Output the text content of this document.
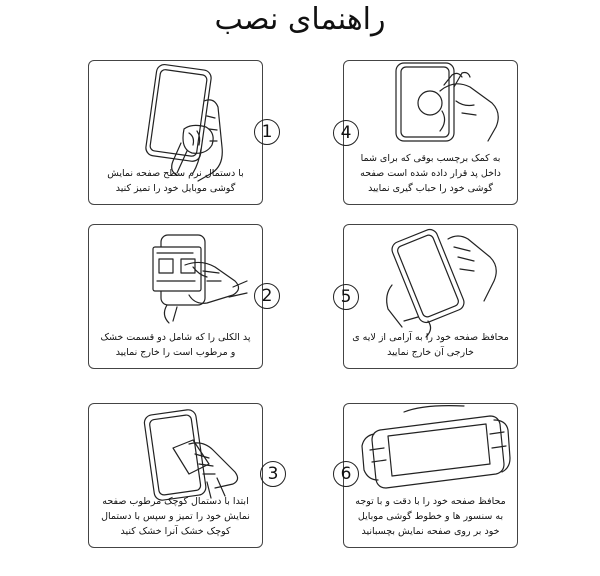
راهنمای نصب
با دستمال نرم سطح صفحه نمایش
گوشی موبایل خود را تمیز کنید
1
پد الکلی را که شامل دو قسمت خشک
و مرطوب است را خارج نمایید
2
ابتدا با دستمال کوچک مرطوب صفحه
نمایش خود را تمیز و سپس با دستمال
کوچک خشک آنرا خشک کنید
3
به کمک برچسب بوقی که برای شما
داخل پد قرار داده شده است صفحه
گوشی خود را حباب گیری نمایید
4
محافظ صفحه خود را به آرامی از لایه ی
خارجی آن خارج نمایید
5
محافظ صفحه خود را با دقت و با توجه
به سنسور ها و خطوط گوشی موبایل
خود بر روی صفحه نمایش بچسبانید
6
